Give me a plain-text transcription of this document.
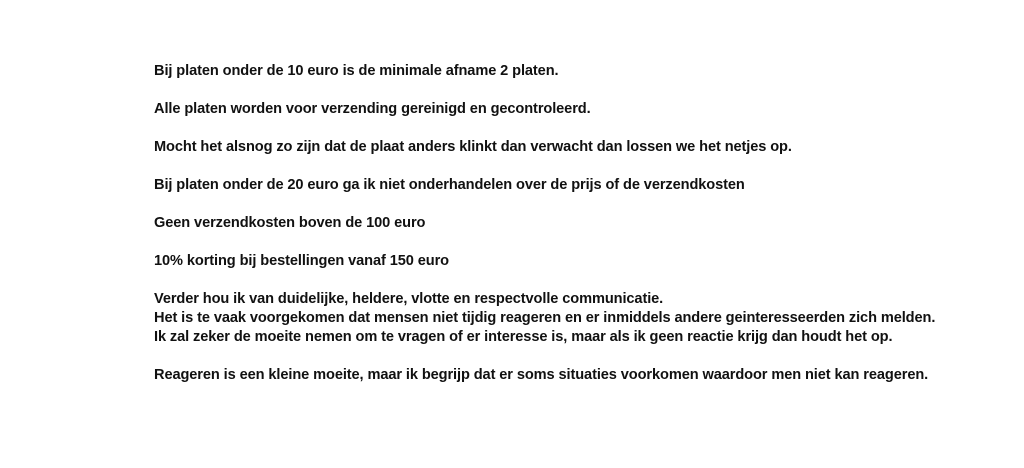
Bij platen onder de 10 euro is de minimale afname 2 platen.

Alle platen worden voor verzending gereinigd en gecontroleerd.

Mocht het alsnog zo zijn dat de plaat anders klinkt dan verwacht dan lossen we het netjes op.

Bij platen onder de 20 euro ga ik niet onderhandelen over de prijs of de verzendkosten

Geen verzendkosten boven de 100 euro

10% korting bij bestellingen vanaf 150 euro

Verder hou ik van duidelijke, heldere, vlotte en respectvolle communicatie.
Het is te vaak voorgekomen dat mensen niet tijdig reageren en er inmiddels andere geinteresseerden zich melden.
Ik zal zeker de moeite nemen om te vragen of er interesse is, maar als ik geen reactie krijg dan houdt het op.

Reageren is een kleine moeite, maar ik begrijp dat er soms situaties voorkomen waardoor men niet kan reageren.
